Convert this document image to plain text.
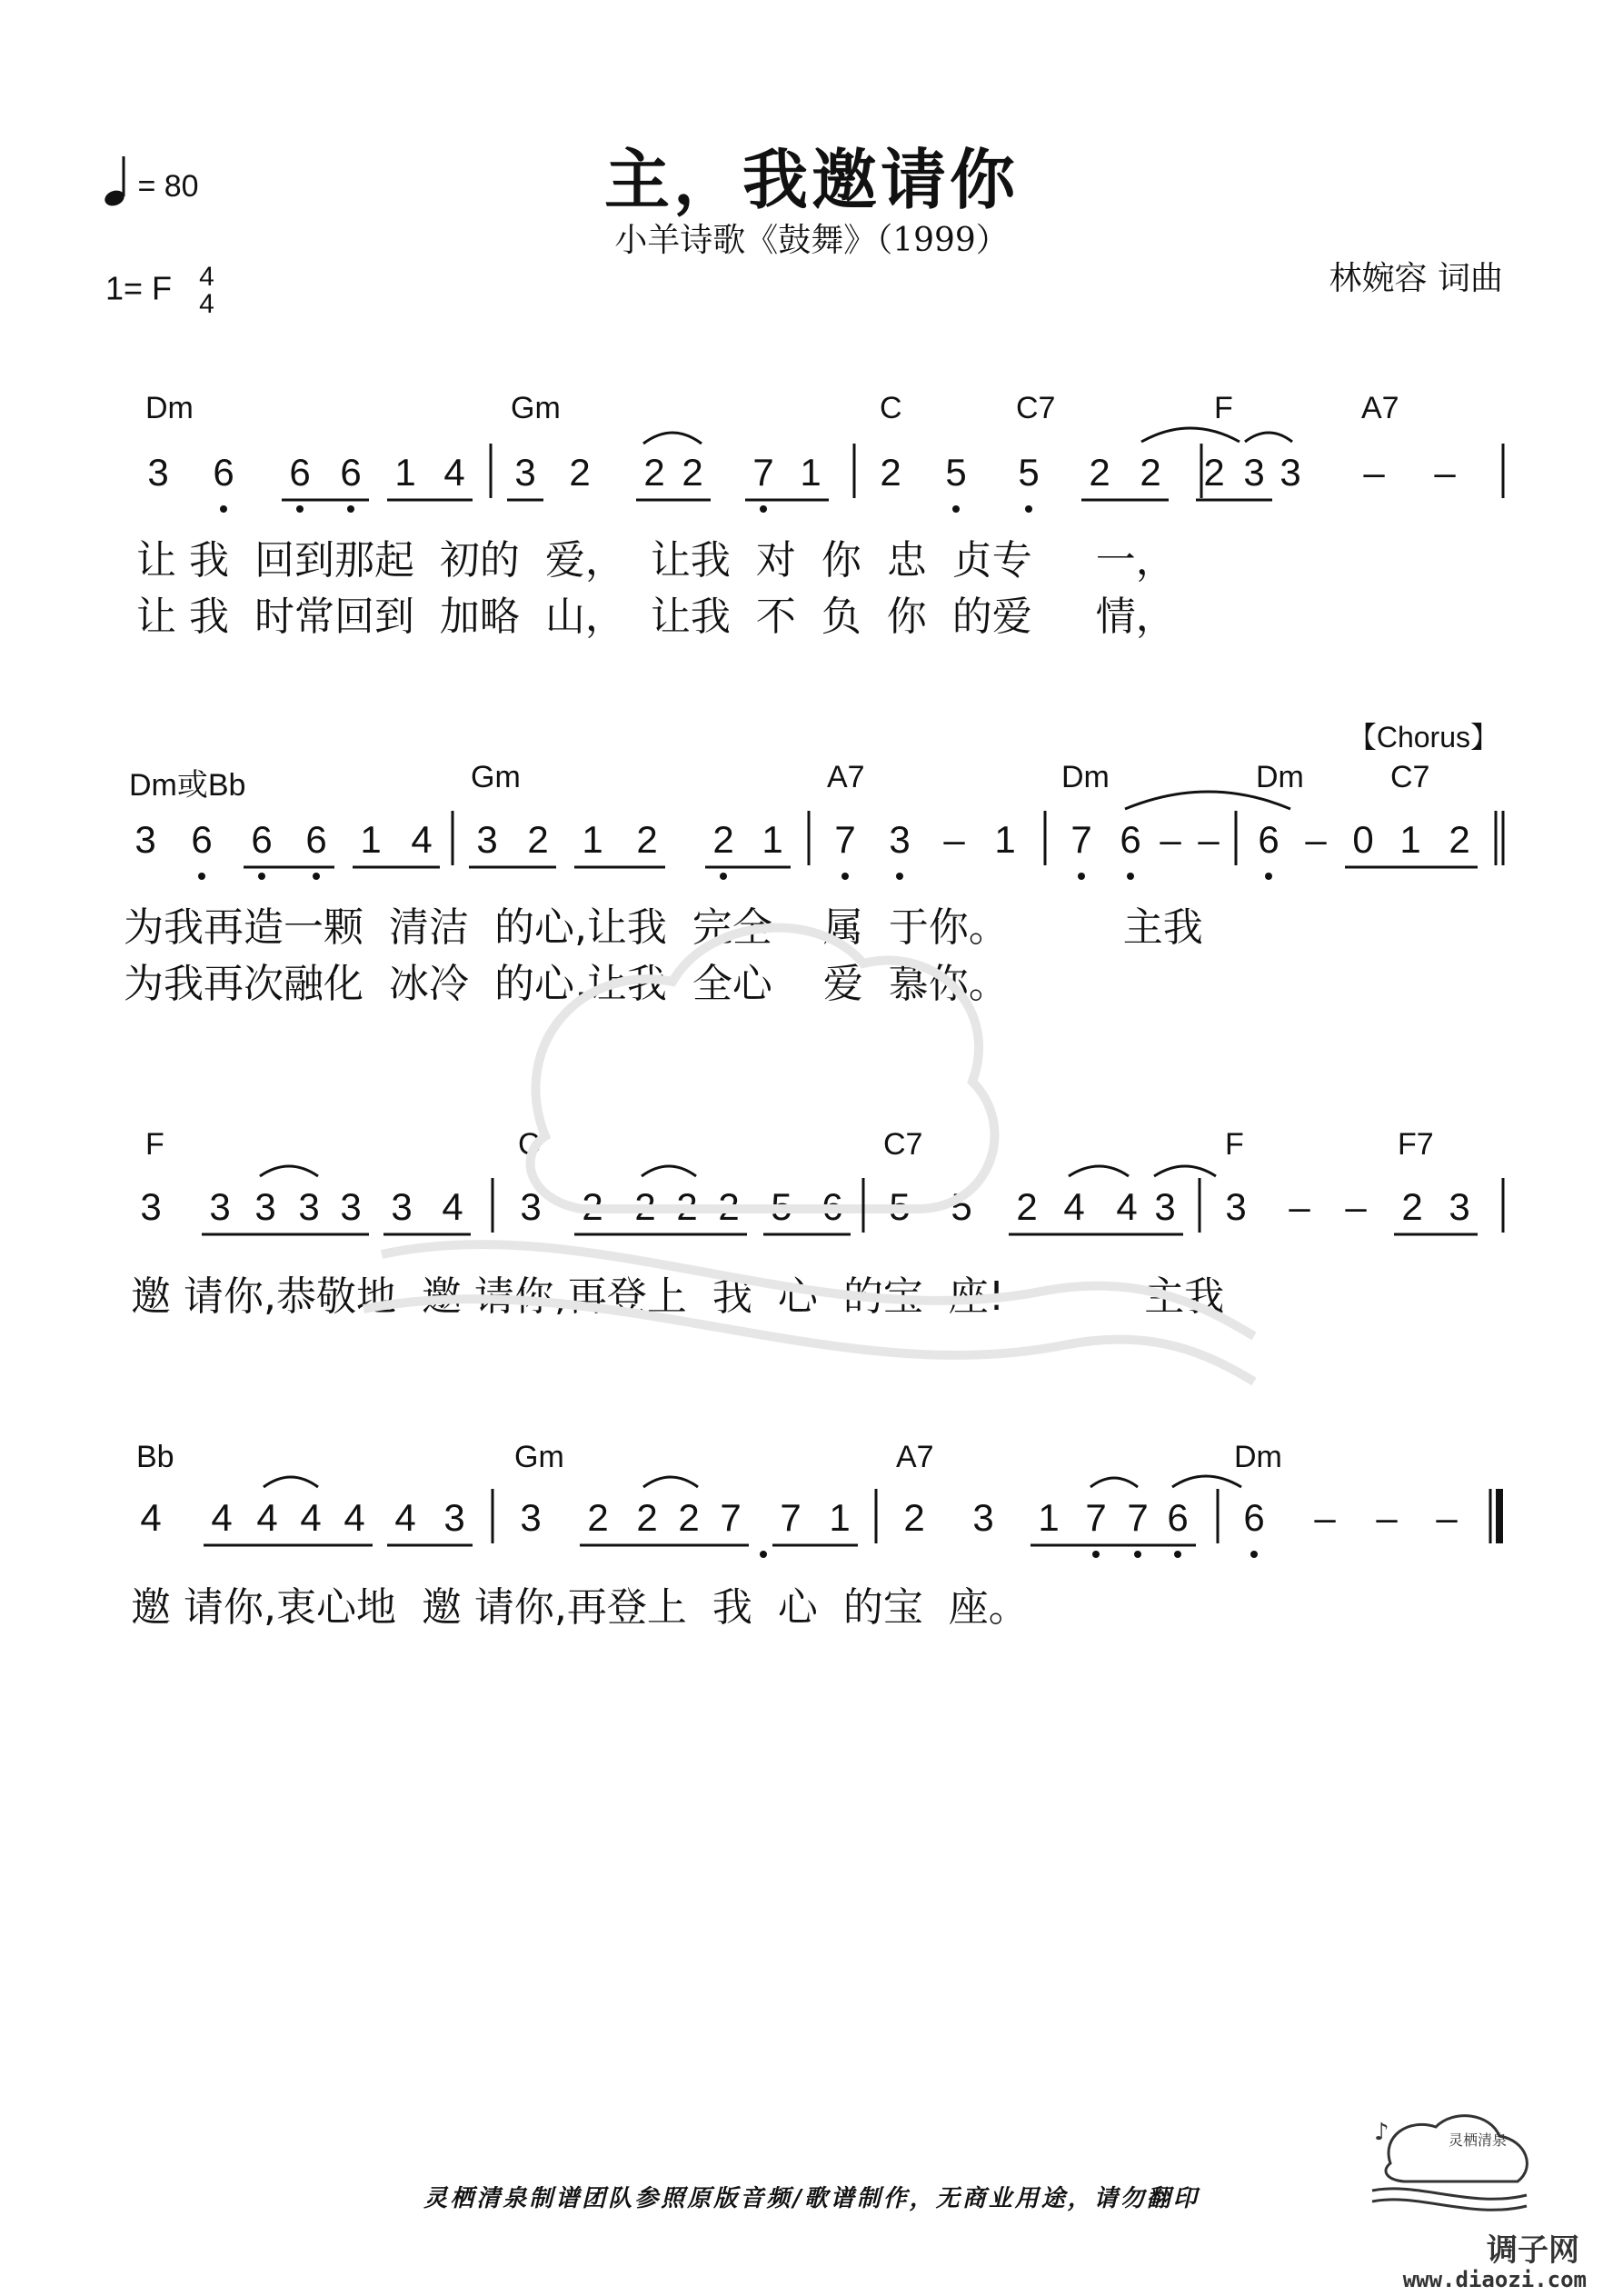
主，我邀请你
小羊诗歌《鼓舞》（1999）
= 80
1= F 4
4
林婉容 词曲
【Chorus】
Dm	Gm	C	C7	F	A7
3 6 6 6 1 4 3 2 2 2 7 1 2 5 5 2 2 2 3 3 – –
让 我  回到那起  初的  爱，  让我  对  你  忠  贞专     一，
让 我  时常回到  加略  山，  让我  不  负  你  的爱     情，
Dm或Bb	Gm	A7	Dm	Dm	C7
3 6 6 6 1 4 3 2 1 2 2 1 7 3 – 1 7 6 – – 6 – 0 1 2
为我再造一颗  清洁  的心,让我  完全    属  于你。         主我
为我再次融化  冰冷  的心,让我  全心    爱  慕你。
F	C	C7	F	F7
3 3 3 3 3 3 4 3 2 2 2 2 5 6 5 5 2 4 4 3 3 – – 2 3
邀 请你,恭敬地  邀 请你,再登上  我  心  的宝  座!           主我
Bb	Gm	A7	Dm
4 4 4 4 4 4 3 3 2 2 2 7 7 1 2 3 1 7 7 6 6 – – –
邀 请你,衷心地  邀 请你,再登上  我  心  的宝  座。
灵栖清泉
♪
灵栖清泉制谱团队参照原版音频/歌谱制作，无商业用途，请勿翻印
调子网
www.diaozi.com
